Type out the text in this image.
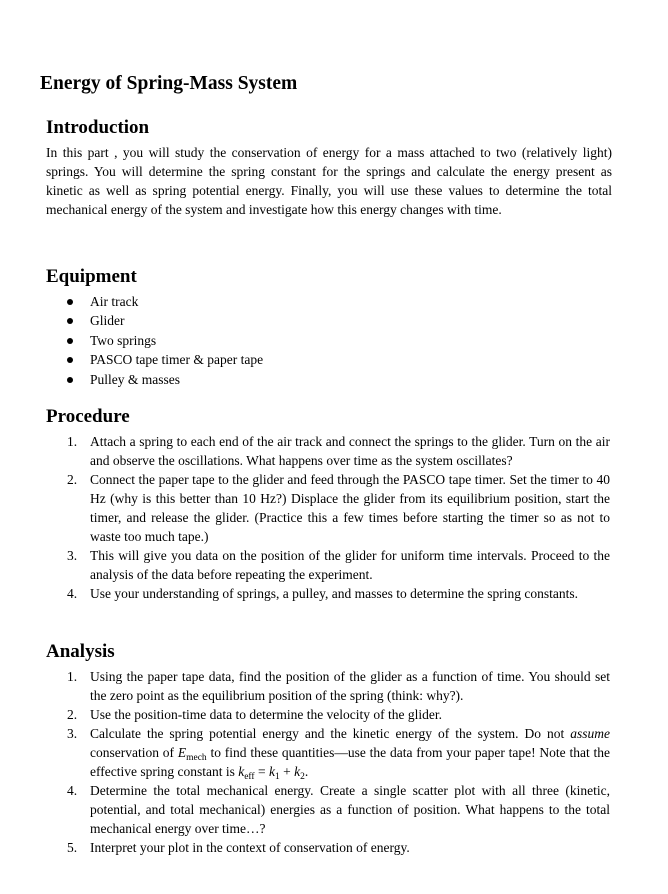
Energy of Spring-Mass System
Introduction

In this part , you will study the conservation of energy for a mass attached to two (relatively light) springs. You will determine the spring constant for the springs and calculate the energy present as kinetic as well as spring potential energy. Finally, you will use these values to determine the total mechanical energy of the system and investigate how this energy changes with time.

Equipment
Air track
Glider
Two springs
PASCO tape timer & paper tape
Pulley & masses
Procedure
1. Attach a spring to each end of the air track and connect the springs to the glider. Turn on the air and observe the oscillations. What happens over time as the system oscillates?
2. Connect the paper tape to the glider and feed through the PASCO tape timer. Set the timer to 40 Hz (why is this better than 10 Hz?) Displace the glider from its equilibrium position, start the timer, and release the glider. (Practice this a few times before starting the timer so as not to waste too much tape.)
3. This will give you data on the position of the glider for uniform time intervals. Proceed to the analysis of the data before repeating the experiment.
4. Use your understanding of springs, a pulley, and masses to determine the spring constants.
Analysis
1. Using the paper tape data, find the position of the glider as a function of time. You should set the zero point as the equilibrium position of the spring (think: why?).
2. Use the position-time data to determine the velocity of the glider.
3. Calculate the spring potential energy and the kinetic energy of the system. Do not assume conservation of $E_{mech}$ to find these quantities—use the data from your paper tape! Note that the effective spring constant is $k_{eff} = k_1 + k_2$.
4. Determine the total mechanical energy. Create a single scatter plot with all three (kinetic, potential, and total mechanical) energies as a function of position. What happens to the total mechanical energy over time…?
5. Interpret your plot in the context of conservation of energy.
